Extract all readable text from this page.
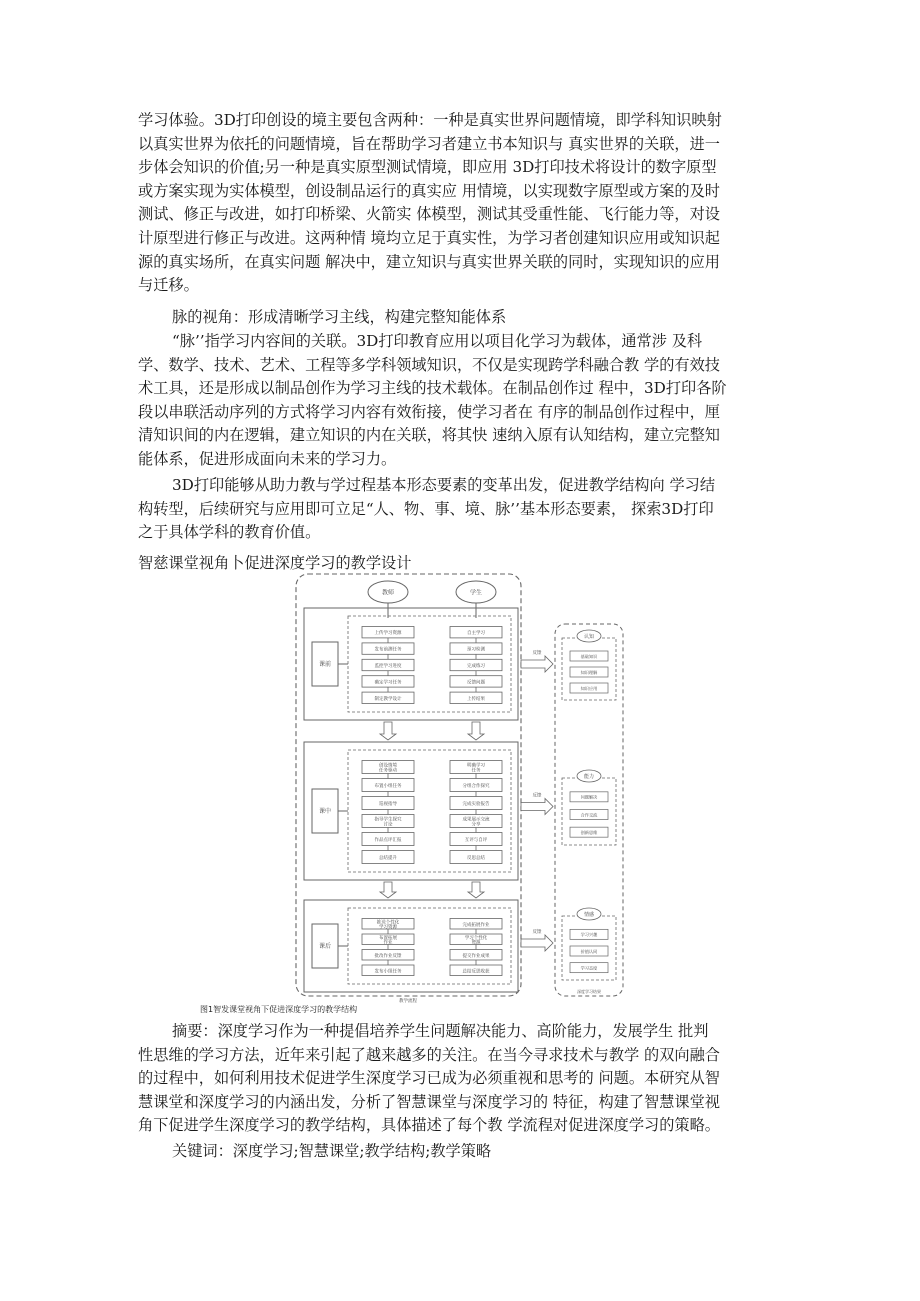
学习体验。3D打印创设的境主要包含两种：一种是真实世界问题情境，即学科知识映射
以真实世界为依托的问题情境，旨在帮助学习者建立书本知识与 真实世界的关联，进一
步体会知识的价值;另一种是真实原型测试情境，即应用 3D打印技术将设计的数字原型
或方案实现为实体模型，创设制品运行的真实应 用情境，以实现数字原型或方案的及时
测试、修正与改进，如打印桥梁、火箭实 体模型，测试其受重性能、飞行能力等，对设
计原型进行修正与改进。这两种情 境均立足于真实性，为学习者创建知识应用或知识起
源的真实场所，在真实问题 解决中，建立知识与真实世界关联的同时，实现知识的应用
与迁移。
脉的视角：形成清晰学习主线，构建完整知能体系
“脉’’指学习内容间的关联。3D打印教育应用以项目化学习为载体，通常涉 及科
学、数学、技术、艺术、工程等多学科领域知识，不仅是实现跨学科融合教 学的有效技
术工具，还是形成以制品创作为学习主线的技术载体。在制品创作过 程中，3D打印各阶
段以串联活动序列的方式将学习内容有效衔接，使学习者在 有序的制品创作过程中，厘
清知识间的内在逻辑，建立知识的内在关联，将其快 速纳入原有认知结构，建立完整知
能体系，促进形成面向未来的学习力。
3D打印能够从助力教与学过程基本形态要素的变革出发，促进教学结构向 学习结
构转型，后续研究与应用即可立足“人、物、事、境、脉’’基本形态要素， 探索3D打印
之于具体学科的教育价值。
智慈课堂视角卜促进深度学习的教学设计
教师	学生
课前
上传学习资源
发布前测任务
监控学习进度
确定学习任务
制定教学设计
自主学习
预习检测
完成练习
反馈问题
上传结果
反馈
课中
创设情境任务驱动
布置小组任务
巡视指导
指导学生探究讨论
作品点评汇报
总结提升
明确学习任务
分组合作探究
完成实验报告
成果展示交流分享
互评与自评
反思总结
反馈
课后
推送个性化学习资源
布置拓展作业
批改作业反馈
发布小组任务
完成拓展作业
学习个性化资源
提交作业成果
总结反思收获
反馈
教学流程
认知
基础知识
知识理解
知识应用
能力
问题解决
合作交流
创新思维
情感
学习兴趣
价值认同
学习态度
深度学习结果
图1智发课堂视角下促进深度学习的教学结构
摘要：深度学习作为一种提倡培养学生问题解决能力、高阶能力，发展学生 批判
性思维的学习方法，近年来引起了越来越多的关注。在当今寻求技术与教学 的双向融合
的过程中，如何利用技术促进学生深度学习已成为必须重视和思考的 问题。本研究从智
慧课堂和深度学习的内涵出发，分析了智慧课堂与深度学习的 特征，构建了智慧课堂视
角下促进学生深度学习的教学结构，具体描述了每个教 学流程对促进深度学习的策略。
关键词：深度学习;智慧课堂;教学结构;教学策略
